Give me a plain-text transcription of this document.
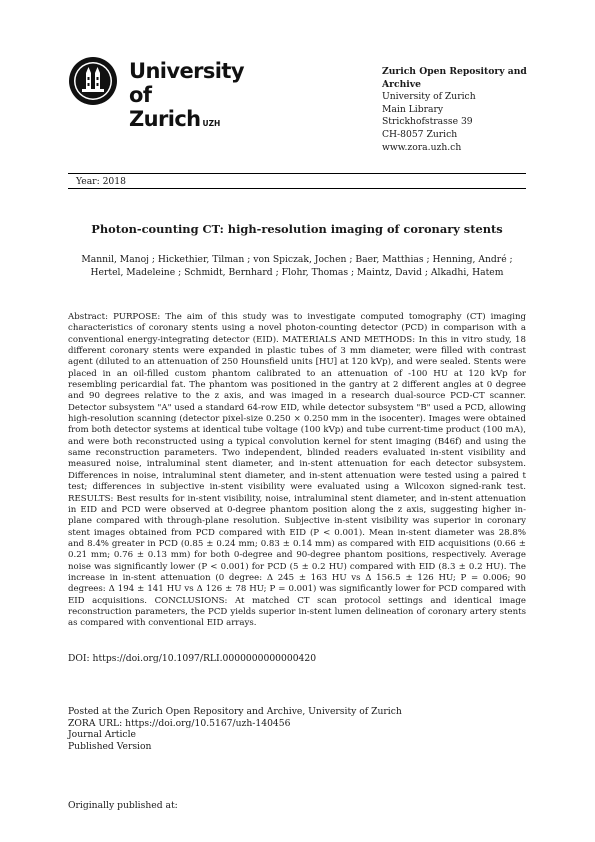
University of
Zurich UZH
Zurich Open Repository and Archive
University of Zurich
Main Library
Strickhofstrasse 39
CH-8057 Zurich
www.zora.uzh.ch
Year: 2018
Photon-counting CT: high-resolution imaging of coronary stents
Mannil, Manoj ; Hickethier, Tilman ; von Spiczak, Jochen ; Baer, Matthias ; Henning, André ; Hertel, Madeleine ; Schmidt, Bernhard ; Flohr, Thomas ; Maintz, David ; Alkadhi, Hatem

Abstract: PURPOSE: The aim of this study was to investigate computed tomography (CT) imaging characteristics of coronary stents using a novel photon-counting detector (PCD) in comparison with a conventional energy-integrating detector (EID). MATERIALS AND METHODS: In this in vitro study, 18 different coronary stents were expanded in plastic tubes of 3 mm diameter, were filled with contrast agent (diluted to an attenuation of 250 Hounsfield units [HU] at 120 kVp), and were sealed. Stents were placed in an oil-filled custom phantom calibrated to an attenuation of -100 HU at 120 kVp for resembling pericardial fat. The phantom was positioned in the gantry at 2 different angles at 0 degree and 90 degrees relative to the z axis, and was imaged in a research dual-source PCD-CT scanner. Detector subsystem "A" used a standard 64-row EID, while detector subsystem "B" used a PCD, allowing high-resolution scanning (detector pixel-size 0.250 × 0.250 mm in the isocenter). Images were obtained from both detector systems at identical tube voltage (100 kVp) and tube current-time product (100 mA), and were both reconstructed using a typical convolution kernel for stent imaging (B46f) and using the same reconstruction parameters. Two independent, blinded readers evaluated in-stent visibility and measured noise, intraluminal stent diameter, and in-stent attenuation for each detector subsystem. Differences in noise, intraluminal stent diameter, and in-stent attenuation were tested using a paired t test; differences in subjective in-stent visibility were evaluated using a Wilcoxon signed-rank test. RESULTS: Best results for in-stent visibility, noise, intraluminal stent diameter, and in-stent attenuation in EID and PCD were observed at 0-degree phantom position along the z axis, suggesting higher in-plane compared with through-plane resolution. Subjective in-stent visibility was superior in coronary stent images obtained from PCD compared with EID (P < 0.001). Mean in-stent diameter was 28.8% and 8.4% greater in PCD (0.85 ± 0.24 mm; 0.83 ± 0.14 mm) as compared with EID acquisitions (0.66 ± 0.21 mm; 0.76 ± 0.13 mm) for both 0-degree and 90-degree phantom positions, respectively. Average noise was significantly lower (P < 0.001) for PCD (5 ± 0.2 HU) compared with EID (8.3 ± 0.2 HU). The increase in in-stent attenuation (0 degree: Δ 245 ± 163 HU vs Δ 156.5 ± 126 HU; P = 0.006; 90 degrees: Δ 194 ± 141 HU vs Δ 126 ± 78 HU; P = 0.001) was significantly lower for PCD compared with EID acquisitions. CONCLUSIONS: At matched CT scan protocol settings and identical image reconstruction parameters, the PCD yields superior in-stent lumen delineation of coronary artery stents as compared with conventional EID arrays.

DOI: https://doi.org/10.1097/RLI.0000000000000420
Posted at the Zurich Open Repository and Archive, University of Zurich
ZORA URL: https://doi.org/10.5167/uzh-140456
Journal Article
Published Version
Originally published at:
